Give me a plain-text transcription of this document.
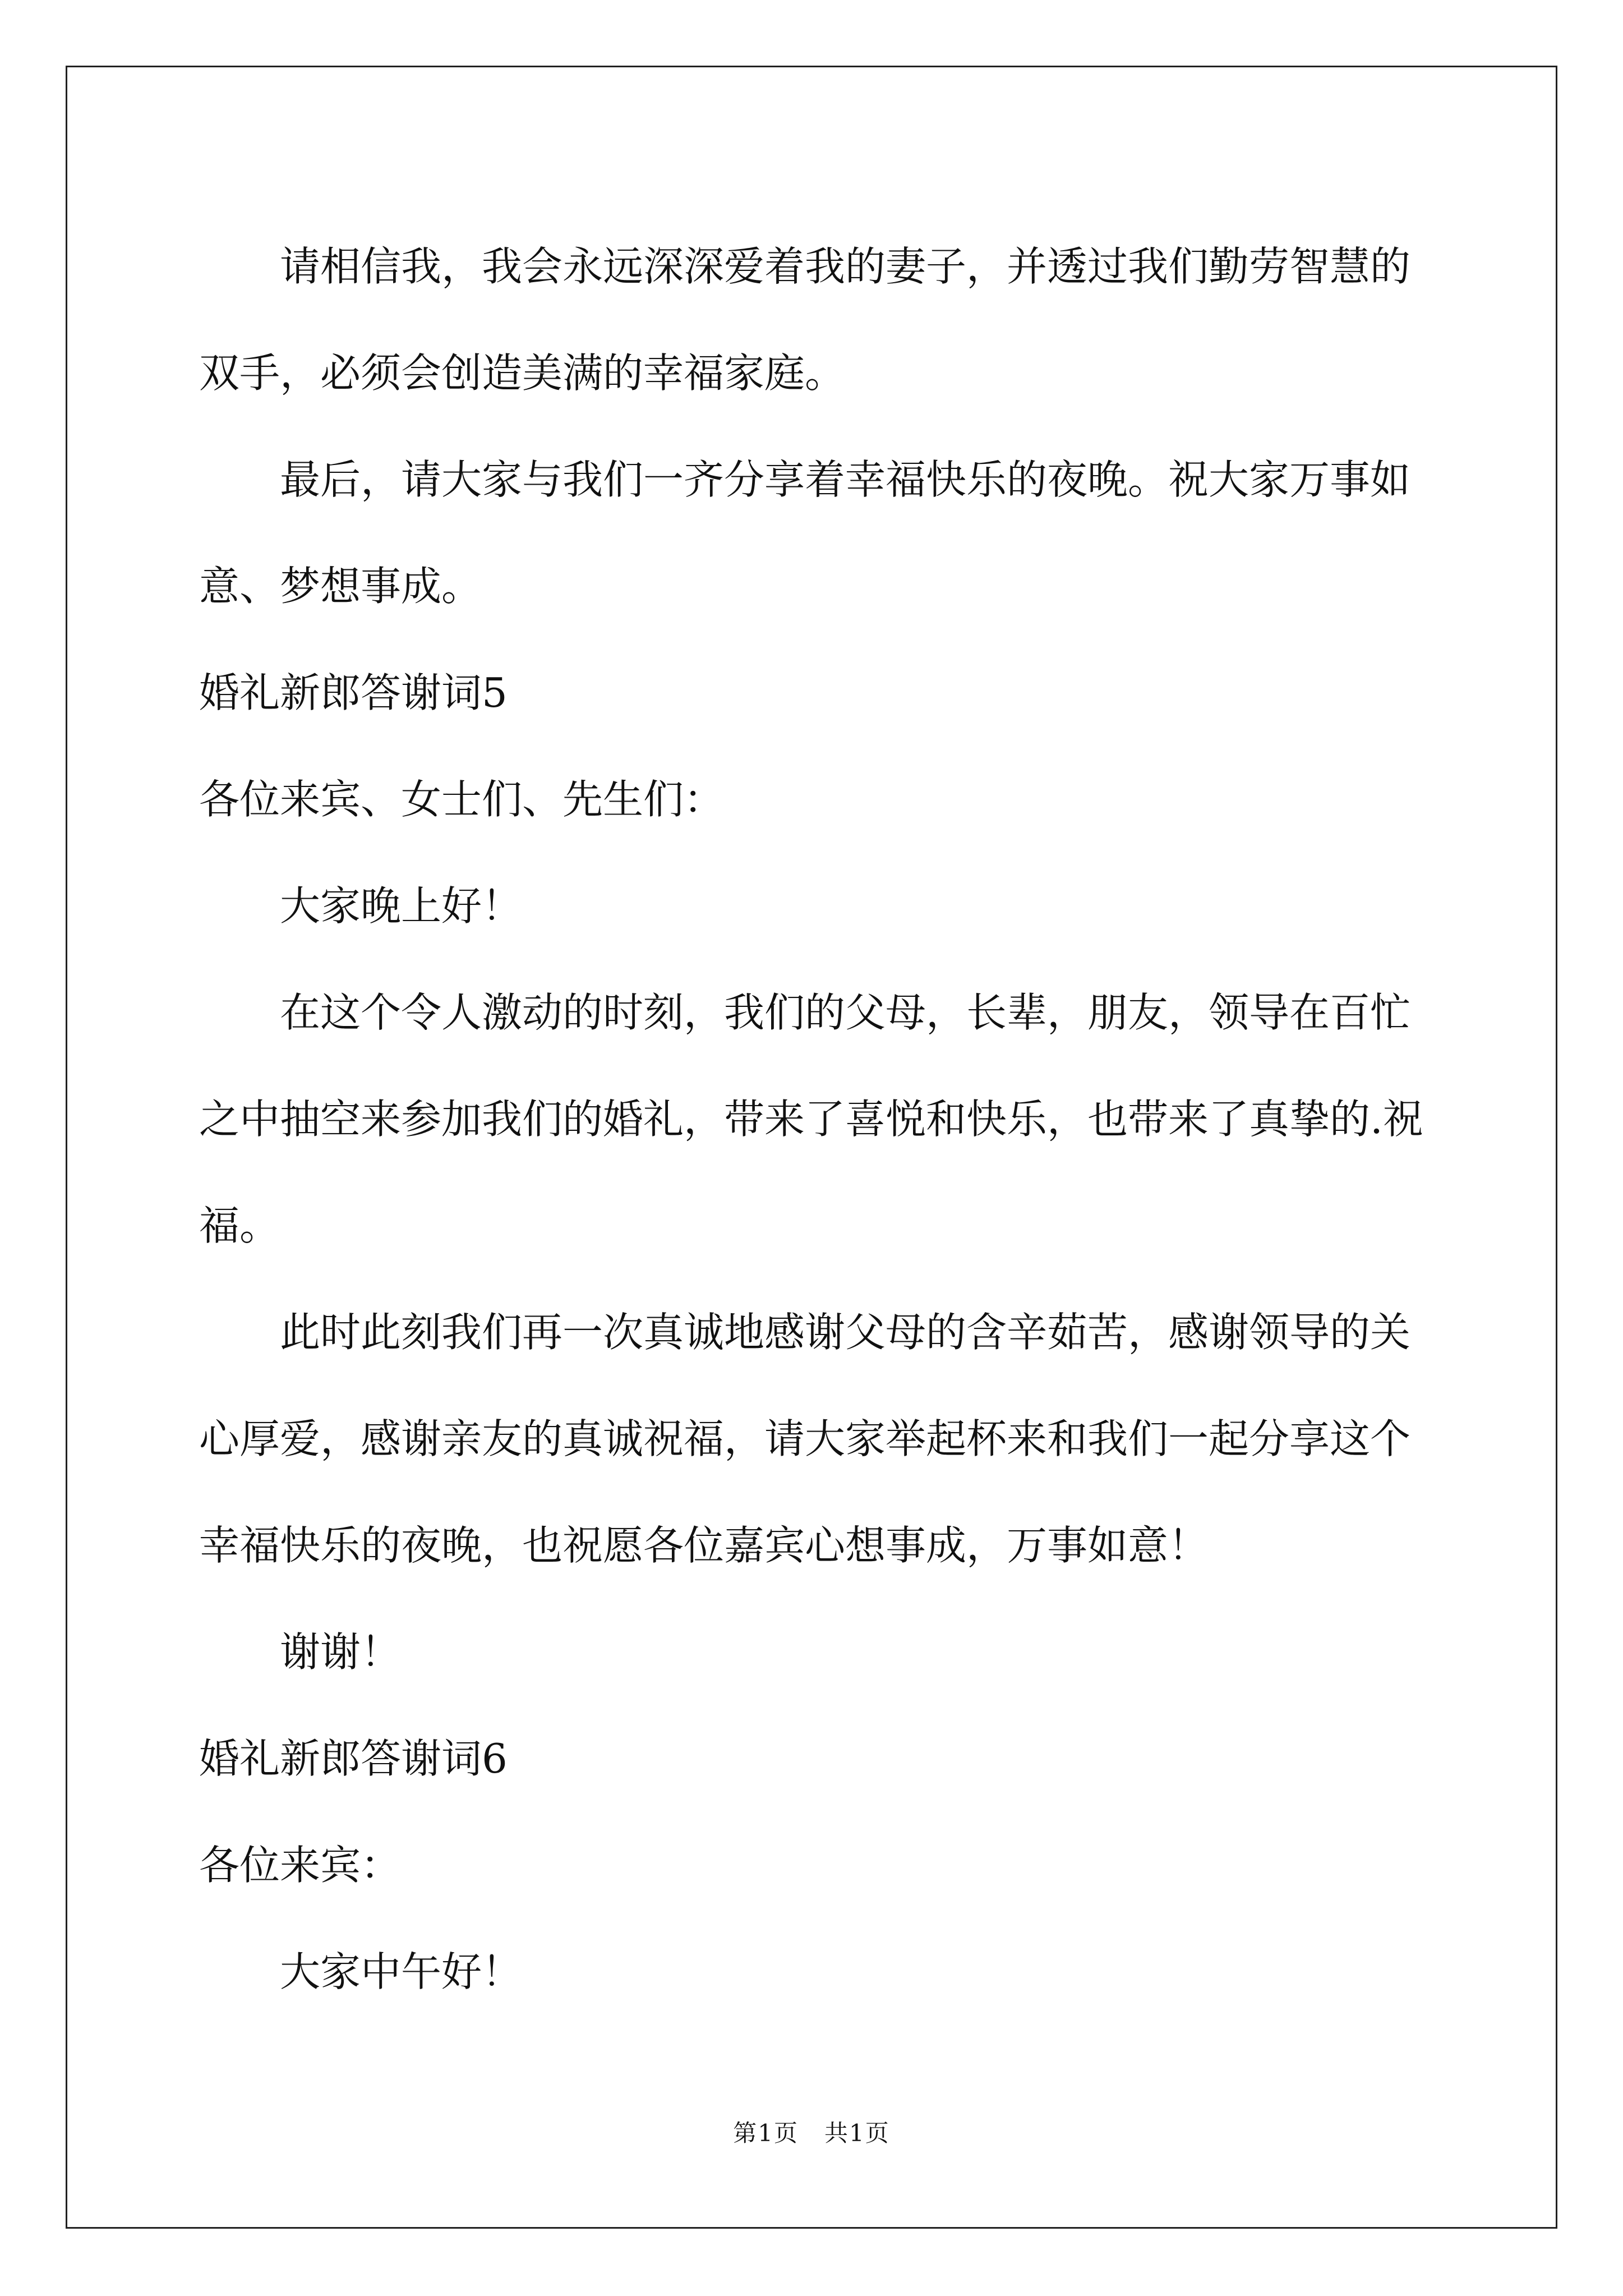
请相信我，我会永远深深爱着我的妻子，并透过我们勤劳智慧的双手，必须会创造美满的幸福家庭。

最后，请大家与我们一齐分享着幸福快乐的夜晚。祝大家万事如意、梦想事成。

婚礼新郎答谢词5

各位来宾、女士们、先生们：

大家晚上好！

在这个令人激动的时刻，我们的父母，长辈，朋友，领导在百忙之中抽空来参加我们的婚礼，带来了喜悦和快乐，也带来了真挚的.祝福。

此时此刻我们再一次真诚地感谢父母的含辛茹苦，感谢领导的关心厚爱，感谢亲友的真诚祝福，请大家举起杯来和我们一起分享这个幸福快乐的夜晚，也祝愿各位嘉宾心想事成，万事如意！

谢谢！

婚礼新郎答谢词6

各位来宾：

大家中午好！

第1页   共1页
